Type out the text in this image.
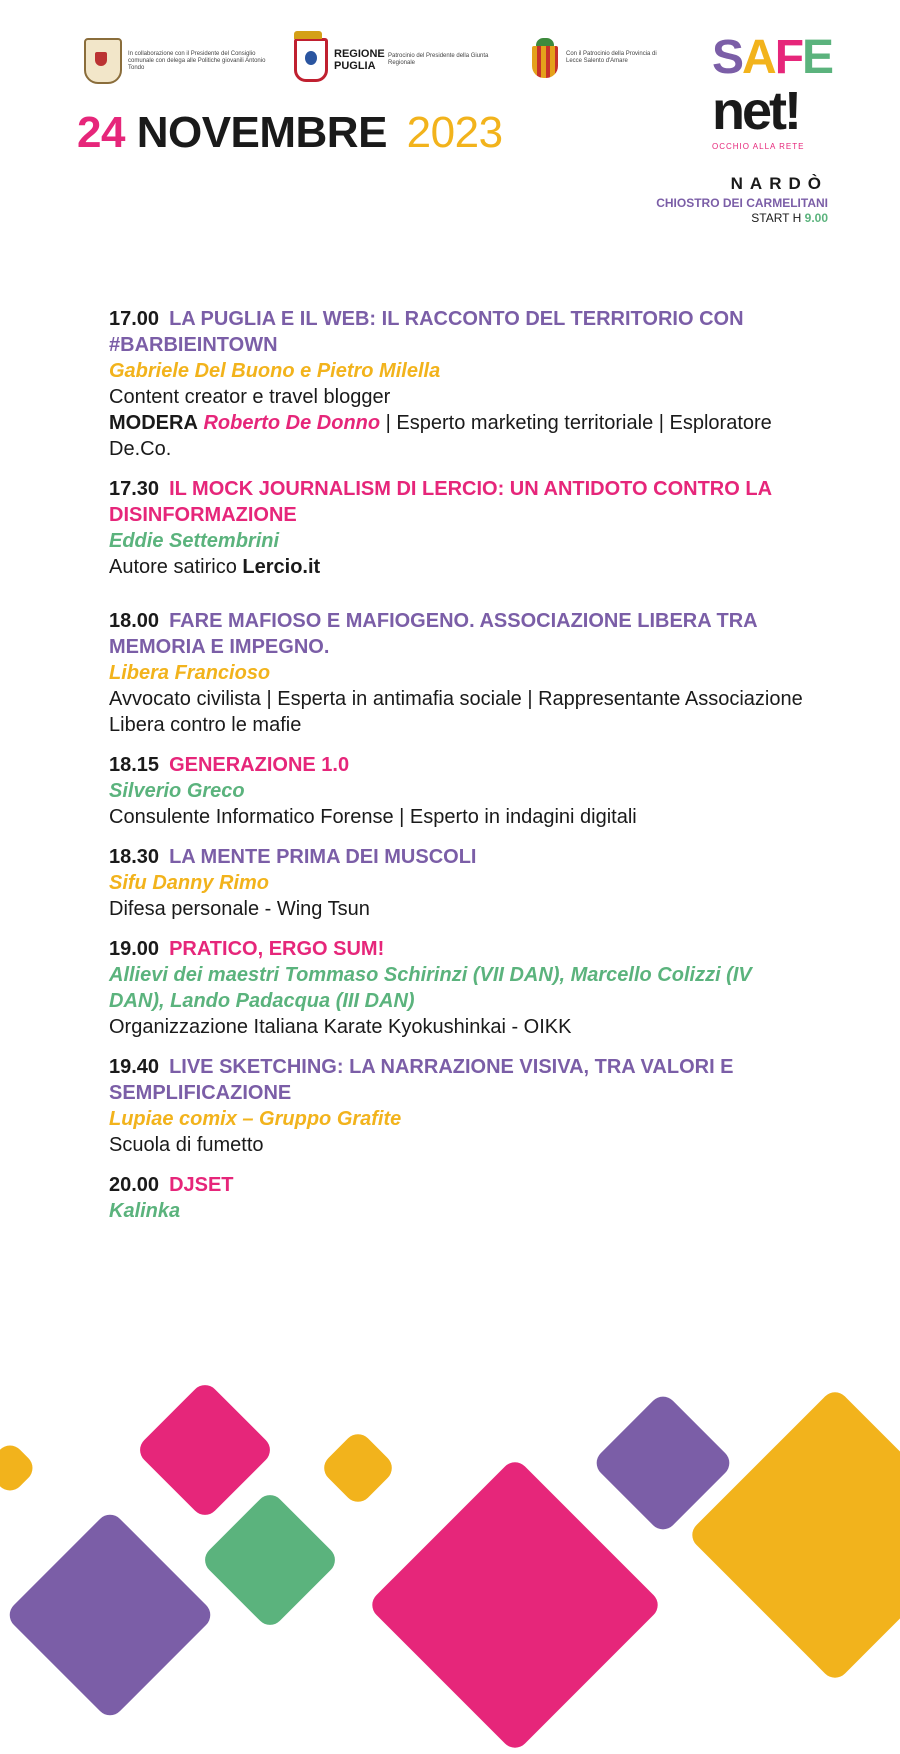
In collaborazione con il Presidente del Consiglio comunale con delega alle Politiche giovanili Antonio Tondo
REGIONE PUGLIA
Patrocinio del Presidente della Giunta Regionale
Con il Patrocinio della Provincia di Lecce Salento d'Amare
24 NOVEMBRE 2023
SAFE
net!
OCCHIO ALLA RETE
NARDÒ
CHIOSTRO DEI CARMELITANI
START H 9.00
17.00 LA PUGLIA E IL WEB: IL RACCONTO DEL TERRITORIO CON #BARBIEINTOWN
Gabriele Del Buono e Pietro Milella
Content creator e travel blogger
MODERA Roberto De Donno | Esperto marketing territoriale | Esploratore De.Co.
17.30 IL MOCK JOURNALISM DI LERCIO: UN ANTIDOTO CONTRO LA DISINFORMAZIONE
Eddie Settembrini
Autore satirico Lercio.it
18.00 FARE MAFIOSO E MAFIOGENO. ASSOCIAZIONE LIBERA TRA MEMORIA E IMPEGNO.
Libera Francioso
Avvocato civilista | Esperta in antimafia sociale | Rappresentante Associazione Libera contro le mafie
18.15 GENERAZIONE 1.0
Silverio Greco
Consulente Informatico Forense | Esperto in indagini digitali
18.30 LA MENTE PRIMA DEI MUSCOLI
Sifu Danny Rimo
Difesa personale - Wing Tsun
19.00 PRATICO, ERGO SUM!
Allievi dei maestri Tommaso Schirinzi (VII DAN), Marcello Colizzi (IV DAN), Lando Padacqua (III DAN)
Organizzazione Italiana Karate Kyokushinkai - OIKK
19.40 LIVE SKETCHING: LA NARRAZIONE VISIVA, TRA VALORI E SEMPLIFICAZIONE
Lupiae comix – Gruppo Grafite
Scuola di fumetto
20.00 DJSET
Kalinka
